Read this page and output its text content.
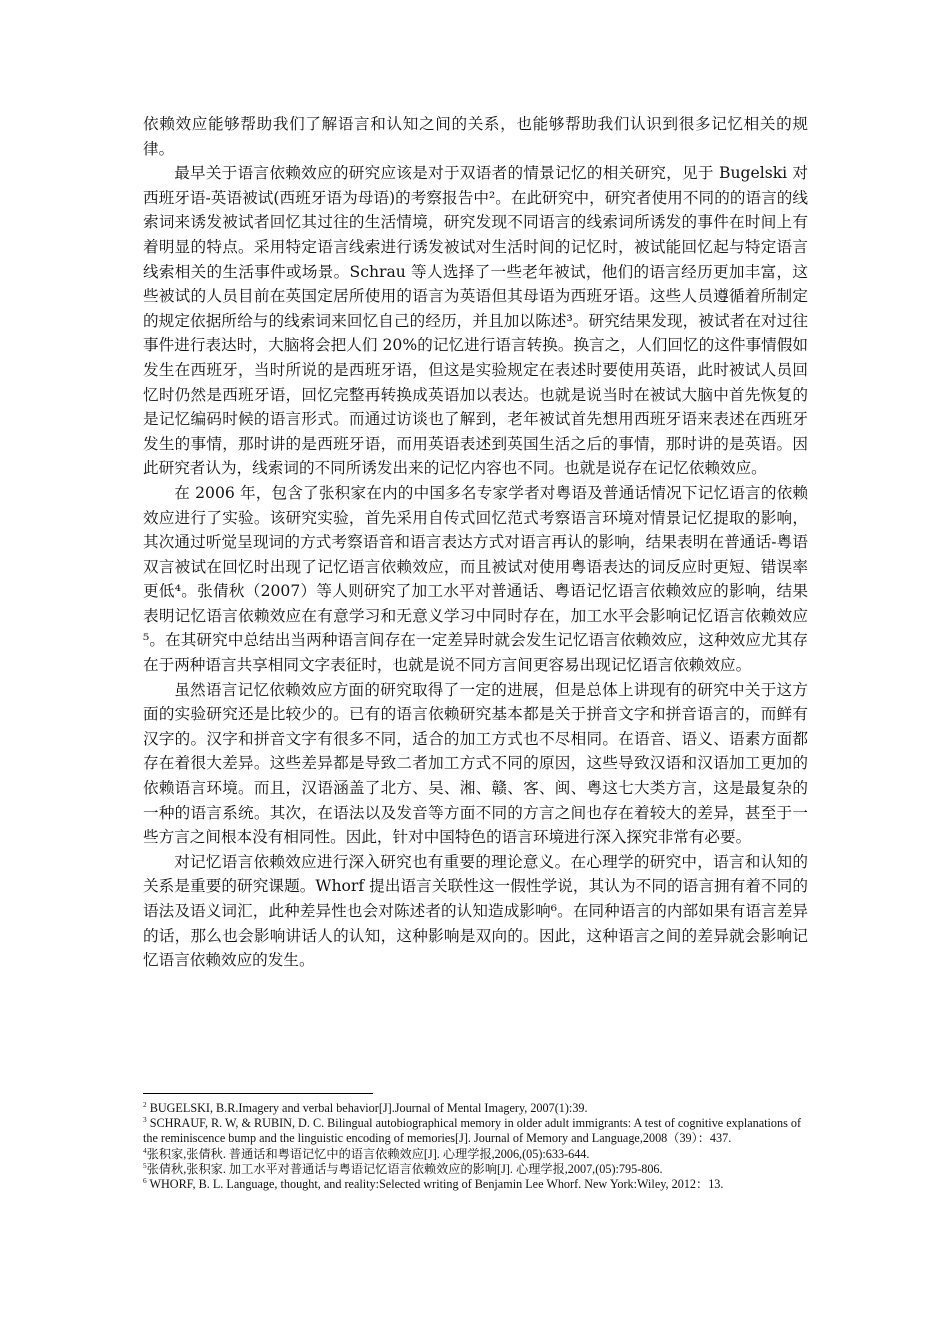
依赖效应能够帮助我们了解语言和认知之间的关系，也能够帮助我们认识到很多记忆相关的规律。

最早关于语言依赖效应的研究应该是对于双语者的情景记忆的相关研究，见于 Bugelski 对西班牙语-英语被试(西班牙语为母语)的考察报告中²。在此研究中，研究者使用不同的的语言的线索词来诱发被试者回忆其过往的生活情境，研究发现不同语言的线索词所诱发的事件在时间上有着明显的特点。采用特定语言线索进行诱发被试对生活时间的记忆时，被试能回忆起与特定语言线索相关的生活事件或场景。Schrau 等人选择了一些老年被试，他们的语言经历更加丰富，这些被试的人员目前在英国定居所使用的语言为英语但其母语为西班牙语。这些人员遵循着所制定的规定依据所给与的线索词来回忆自己的经历，并且加以陈述³。研究结果发现，被试者在对过往事件进行表达时，大脑将会把人们 20%的记忆进行语言转换。换言之，人们回忆的这件事情假如发生在西班牙，当时所说的是西班牙语，但这是实验规定在表述时要使用英语，此时被试人员回忆时仍然是西班牙语，回忆完整再转换成英语加以表达。也就是说当时在被试大脑中首先恢复的是记忆编码时候的语言形式。而通过访谈也了解到，老年被试首先想用西班牙语来表述在西班牙发生的事情，那时讲的是西班牙语，而用英语表述到英国生活之后的事情，那时讲的是英语。因此研究者认为，线索词的不同所诱发出来的记忆内容也不同。也就是说存在记忆依赖效应。

在 2006 年，包含了张积家在内的中国多名专家学者对粤语及普通话情况下记忆语言的依赖效应进行了实验。该研究实验，首先采用自传式回忆范式考察语言环境对情景记忆提取的影响，其次通过听觉呈现词的方式考察语音和语言表达方式对语言再认的影响，结果表明在普通话-粤语双言被试在回忆时出现了记忆语言依赖效应，而且被试对使用粤语表达的词反应时更短、错误率更低⁴。张倩秋（2007）等人则研究了加工水平对普通话、粤语记忆语言依赖效应的影响，结果表明记忆语言依赖效应在有意学习和无意义学习中同时存在，加工水平会影响记忆语言依赖效应⁵。在其研究中总结出当两种语言间存在一定差异时就会发生记忆语言依赖效应，这种效应尤其存在于两种语言共享相同文字表征时，也就是说不同方言间更容易出现记忆语言依赖效应。

虽然语言记忆依赖效应方面的研究取得了一定的进展，但是总体上讲现有的研究中关于这方面的实验研究还是比较少的。已有的语言依赖研究基本都是关于拼音文字和拼音语言的，而鲜有汉字的。汉字和拼音文字有很多不同，适合的加工方式也不尽相同。在语音、语义、语素方面都存在着很大差异。这些差异都是导致二者加工方式不同的原因，这些导致汉语和汉语加工更加的依赖语言环境。而且，汉语涵盖了北方、吴、湘、赣、客、闽、粤这七大类方言，这是最复杂的一种的语言系统。其次，在语法以及发音等方面不同的方言之间也存在着较大的差异，甚至于一些方言之间根本没有相同性。因此，针对中国特色的语言环境进行深入探究非常有必要。

对记忆语言依赖效应进行深入研究也有重要的理论意义。在心理学的研究中，语言和认知的关系是重要的研究课题。Whorf 提出语言关联性这一假性学说，其认为不同的语言拥有着不同的语法及语义词汇，此种差异性也会对陈述者的认知造成影响⁶。在同种语言的内部如果有语言差异的话，那么也会影响讲话人的认知，这种影响是双向的。因此，这种语言之间的差异就会影响记忆语言依赖效应的发生。

$^2$ BUGELSKI, B.R.Imagery and verbal behavior[J].Journal of Mental Imagery, 2007(1):39.

$^3$ SCHRAUF, R. W, & RUBIN, D. C. Bilingual autobiographical memory in older adult immigrants: A test of cognitive explanations of the reminiscence bump and the linguistic encoding of memories[J]. Journal of Memory and Language,2008（39）：437.

$^4$张积家,张倩秋. 普通话和粤语记忆中的语言依赖效应[J]. 心理学报,2006,(05):633-644.

$^5$张倩秋,张积家. 加工水平对普通话与粤语记忆语言依赖效应的影响[J]. 心理学报,2007,(05):795-806.

$^6$ WHORF, B. L. Language, thought, and reality:Selected writing of Benjamin Lee Whorf. New York:Wiley, 2012：13.
